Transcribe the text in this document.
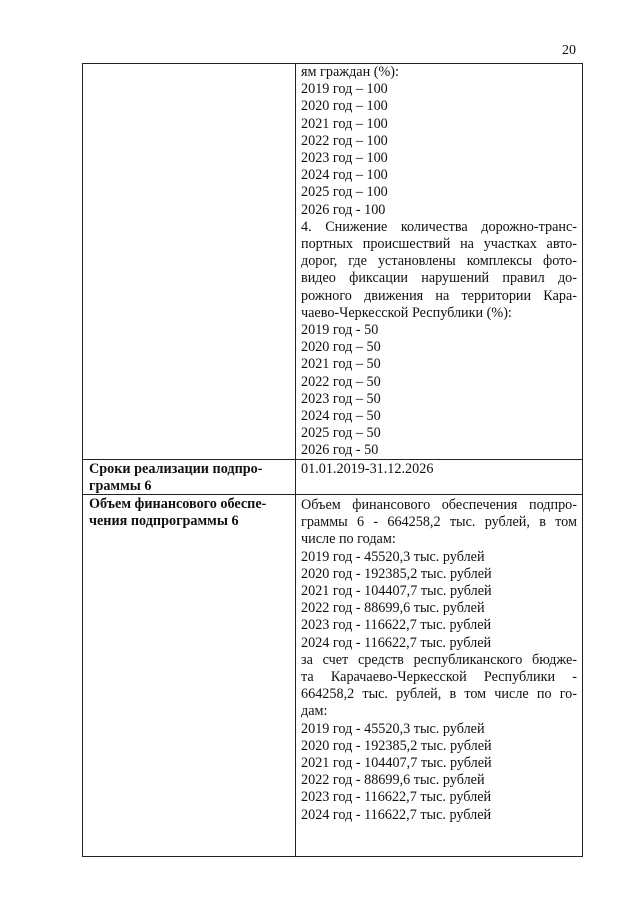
20
ям граждан (%):
2019 год – 100
2020 год – 100
2021 год – 100
2022 год – 100
2023 год – 100
2024 год – 100
2025 год – 100
2026 год - 100
4. Снижение количества дорожно-транс-
портных происшествий на участках авто-
дорог, где установлены комплексы фото-
видео фиксации нарушений правил до-
рожного движения на территории Кара-
чаево-Черкесской Республики (%):
2019 год - 50
2020 год – 50
2021 год – 50
2022 год – 50
2023 год – 50
2024 год – 50
2025 год – 50
2026 год - 50
Сроки реализации подпро-
граммы 6
01.01.2019-31.12.2026
Объем финансового обеспе-
чения подпрограммы 6
Объем финансового обеспечения подпро-
граммы 6 - 664258,2 тыс. рублей, в том
числе по годам:
2019 год - 45520,3 тыс. рублей
2020 год - 192385,2 тыс. рублей
2021 год - 104407,7 тыс. рублей
2022 год - 88699,6 тыс. рублей
2023 год - 116622,7 тыс. рублей
2024 год - 116622,7 тыс. рублей
за счет средств республиканского бюдже-
та Карачаево-Черкесской Республики -
664258,2 тыс. рублей, в том числе по го-
дам:
2019 год - 45520,3 тыс. рублей
2020 год - 192385,2 тыс. рублей
2021 год - 104407,7 тыс. рублей
2022 год - 88699,6 тыс. рублей
2023 год - 116622,7 тыс. рублей
2024 год - 116622,7 тыс. рублей
